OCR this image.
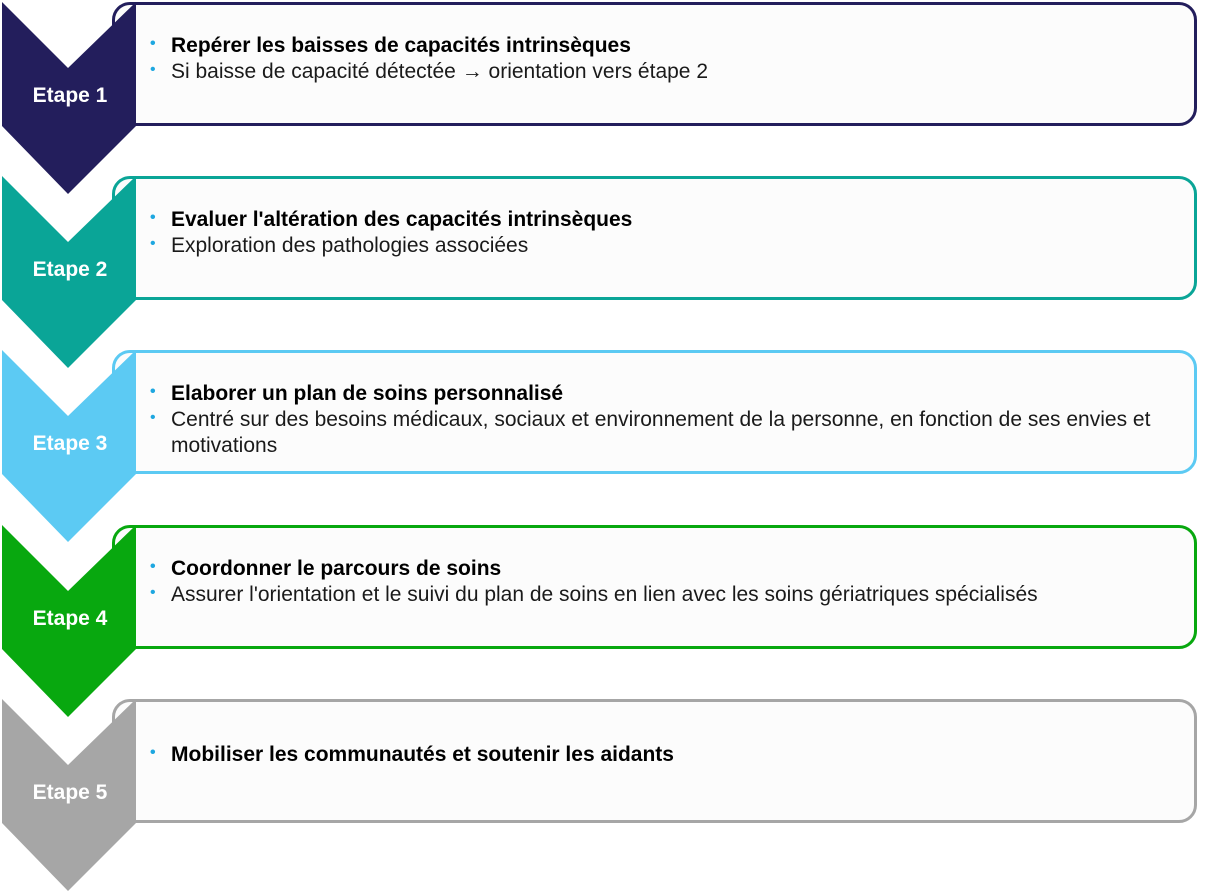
Etape 1
• Repérer les baisses de capacités intrinsèques
• Si baisse de capacité détectée → orientation vers étape 2
Etape 2
• Evaluer l'altération des capacités intrinsèques
• Exploration des pathologies associées
Etape 3
• Elaborer un plan de soins personnalisé
• Centré sur des besoins médicaux, sociaux et environnement de la personne, en fonction de ses envies et motivations
Etape 4
• Coordonner le parcours de soins
• Assurer l'orientation et le suivi du plan de soins en lien avec les soins gériatriques spécialisés
Etape 5
• Mobiliser les communautés et soutenir les aidants
